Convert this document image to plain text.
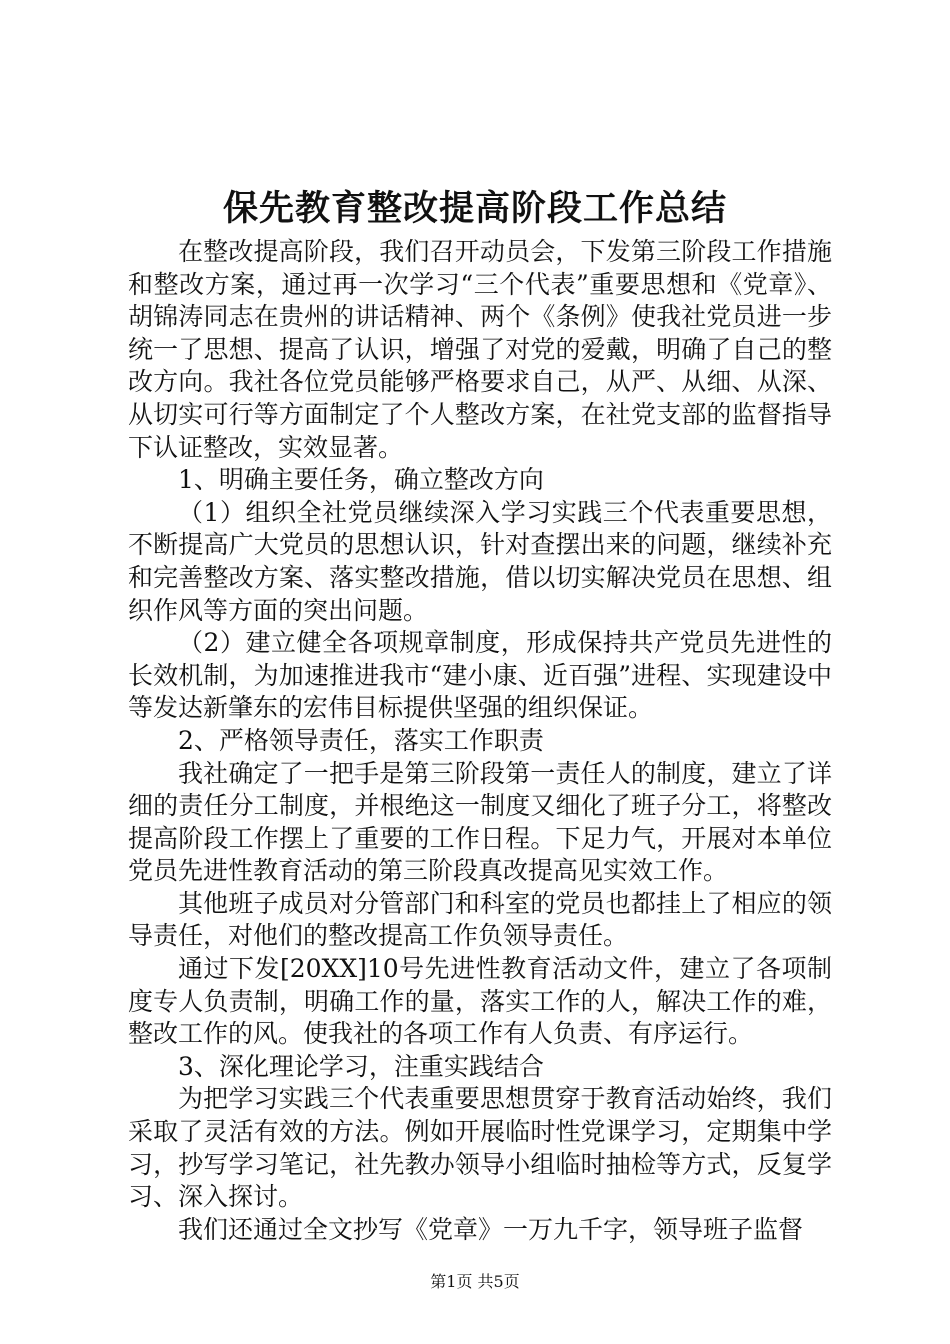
保先教育整改提高阶段工作总结

在整改提高阶段，我们召开动员会，下发第三阶段工作措施和整改方案，通过再一次学习“三个代表”重要思想和《党章》、胡锦涛同志在贵州的讲话精神、两个《条例》使我社党员进一步统一了思想、提高了认识，增强了对党的爱戴，明确了自己的整改方向。我社各位党员能够严格要求自己，从严、从细、从深、从切实可行等方面制定了个人整改方案，在社党支部的监督指导下认证整改，实效显著。

1、明确主要任务，确立整改方向

（1）组织全社党员继续深入学习实践三个代表重要思想，不断提高广大党员的思想认识，针对查摆出来的问题，继续补充和完善整改方案、落实整改措施，借以切实解决党员在思想、组织作风等方面的突出问题。

（2）建立健全各项规章制度，形成保持共产党员先进性的长效机制，为加速推进我市“建小康、近百强”进程、实现建设中等发达新肇东的宏伟目标提供坚强的组织保证。

2、严格领导责任，落实工作职责

我社确定了一把手是第三阶段第一责任人的制度，建立了详细的责任分工制度，并根绝这一制度又细化了班子分工，将整改提高阶段工作摆上了重要的工作日程。下足力气，开展对本单位党员先进性教育活动的第三阶段真改提高见实效工作。

其他班子成员对分管部门和科室的党员也都挂上了相应的领导责任，对他们的整改提高工作负领导责任。

通过下发[20XX]10号先进性教育活动文件，建立了各项制度专人负责制，明确工作的量，落实工作的人，解决工作的难，整改工作的风。使我社的各项工作有人负责、有序运行。

3、深化理论学习，注重实践结合

为把学习实践三个代表重要思想贯穿于教育活动始终，我们采取了灵活有效的方法。例如开展临时性党课学习，定期集中学习，抄写学习笔记，社先教办领导小组临时抽检等方式，反复学习、深入探讨。

我们还通过全文抄写《党章》一万九千字，领导班子监督

第1页 共5页
